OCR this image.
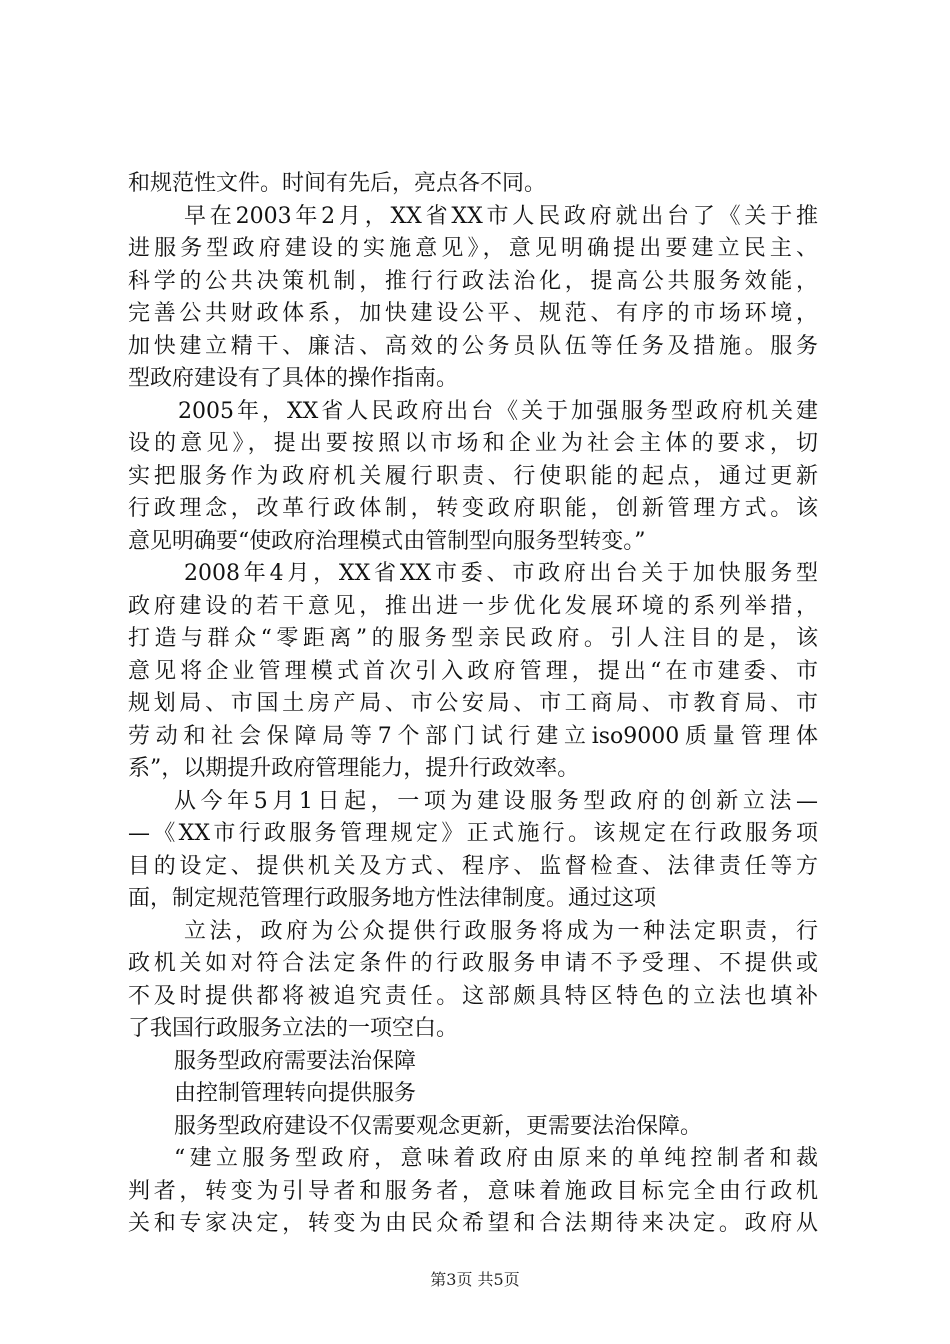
和规范性文件。时间有先后，亮点各不同。
早在2003年2月，XX省XX市人民政府就出台了《关于推
进服务型政府建设的实施意见》，意见明确提出要建立民主、
科学的公共决策机制，推行行政法治化，提高公共服务效能，
完善公共财政体系，加快建设公平、规范、有序的市场环境，
加快建立精干、廉洁、高效的公务员队伍等任务及措施。服务
型政府建设有了具体的操作指南。
2005年，XX省人民政府出台《关于加强服务型政府机关建
设的意见》，提出要按照以市场和企业为社会主体的要求，切
实把服务作为政府机关履行职责、行使职能的起点，通过更新
行政理念，改革行政体制，转变政府职能，创新管理方式。该
意见明确要“使政府治理模式由管制型向服务型转变。”
2008年4月，XX省XX市委、市政府出台关于加快服务型
政府建设的若干意见，推出进一步优化发展环境的系列举措，
打造与群众“零距离”的服务型亲民政府。引人注目的是，该
意见将企业管理模式首次引入政府管理，提出“在市建委、市
规划局、市国土房产局、市公安局、市工商局、市教育局、市
劳动和社会保障局等7个部门试行建立iso9000质量管理体
系”，以期提升政府管理能力，提升行政效率。
从今年5月1日起，一项为建设服务型政府的创新立法—
—《XX市行政服务管理规定》正式施行。该规定在行政服务项
目的设定、提供机关及方式、程序、监督检查、法律责任等方
面，制定规范管理行政服务地方性法律制度。通过这项
立法，政府为公众提供行政服务将成为一种法定职责，行
政机关如对符合法定条件的行政服务申请不予受理、不提供或
不及时提供都将被追究责任。这部颇具特区特色的立法也填补
了我国行政服务立法的一项空白。
服务型政府需要法治保障
由控制管理转向提供服务
服务型政府建设不仅需要观念更新，更需要法治保障。
“建立服务型政府，意味着政府由原来的单纯控制者和裁
判者，转变为引导者和服务者，意味着施政目标完全由行政机
关和专家决定，转变为由民众希望和合法期待来决定。政府从
第3页 共5页
